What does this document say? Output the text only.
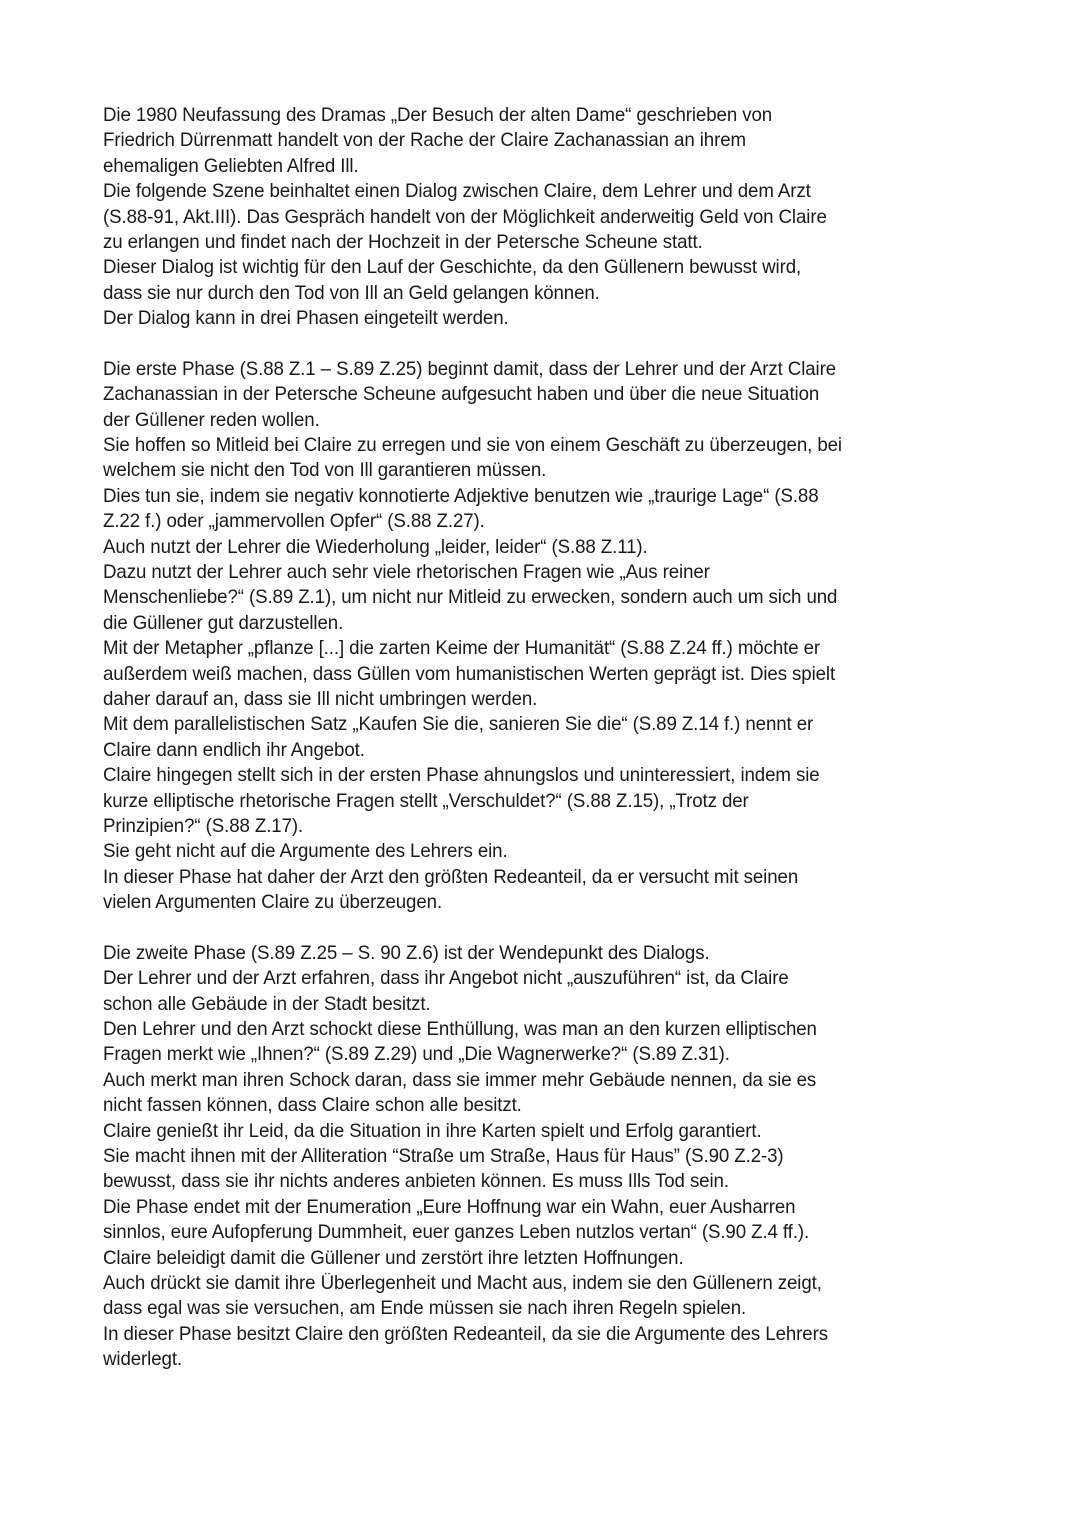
Die 1980 Neufassung des Dramas „Der Besuch der alten Dame“ geschrieben von
Friedrich Dürrenmatt handelt von der Rache der Claire Zachanassian an ihrem
ehemaligen Geliebten Alfred Ill.
Die folgende Szene beinhaltet einen Dialog zwischen Claire, dem Lehrer und dem Arzt
(S.88-91, Akt.III). Das Gespräch handelt von der Möglichkeit anderweitig Geld von Claire
zu erlangen und findet nach der Hochzeit in der Petersche Scheune statt.
Dieser Dialog ist wichtig für den Lauf der Geschichte, da den Güllenern bewusst wird,
dass sie nur durch den Tod von Ill an Geld gelangen können.
Der Dialog kann in drei Phasen eingeteilt werden.
Die erste Phase (S.88 Z.1 – S.89 Z.25) beginnt damit, dass der Lehrer und der Arzt Claire
Zachanassian in der Petersche Scheune aufgesucht haben und über die neue Situation
der Güllener reden wollen.
Sie hoffen so Mitleid bei Claire zu erregen und sie von einem Geschäft zu überzeugen, bei
welchem sie nicht den Tod von Ill garantieren müssen.
Dies tun sie, indem sie negativ konnotierte Adjektive benutzen wie „traurige Lage“ (S.88
Z.22 f.) oder „jammervollen Opfer“ (S.88 Z.27).
Auch nutzt der Lehrer die Wiederholung „leider, leider“ (S.88 Z.11).
Dazu nutzt der Lehrer auch sehr viele rhetorischen Fragen wie „Aus reiner
Menschenliebe?“ (S.89 Z.1), um nicht nur Mitleid zu erwecken, sondern auch um sich und
die Güllener gut darzustellen.
Mit der Metapher „pflanze [...] die zarten Keime der Humanität“ (S.88 Z.24 ff.) möchte er
außerdem weiß machen, dass Güllen vom humanistischen Werten geprägt ist. Dies spielt
daher darauf an, dass sie Ill nicht umbringen werden.
Mit dem parallelistischen Satz „Kaufen Sie die, sanieren Sie die“ (S.89 Z.14 f.) nennt er
Claire dann endlich ihr Angebot.
Claire hingegen stellt sich in der ersten Phase ahnungslos und uninteressiert, indem sie
kurze elliptische rhetorische Fragen stellt „Verschuldet?“ (S.88 Z.15), „Trotz der
Prinzipien?“ (S.88 Z.17).
Sie geht nicht auf die Argumente des Lehrers ein.
In dieser Phase hat daher der Arzt den größten Redeanteil, da er versucht mit seinen
vielen Argumenten Claire zu überzeugen.
Die zweite Phase (S.89 Z.25 – S. 90 Z.6) ist der Wendepunkt des Dialogs.
Der Lehrer und der Arzt erfahren, dass ihr Angebot nicht „auszuführen“ ist, da Claire
schon alle Gebäude in der Stadt besitzt.
Den Lehrer und den Arzt schockt diese Enthüllung, was man an den kurzen elliptischen
Fragen merkt wie „Ihnen?“ (S.89 Z.29) und „Die Wagnerwerke?“ (S.89 Z.31).
Auch merkt man ihren Schock daran, dass sie immer mehr Gebäude nennen, da sie es
nicht fassen können, dass Claire schon alle besitzt.
Claire genießt ihr Leid, da die Situation in ihre Karten spielt und Erfolg garantiert.
Sie macht ihnen mit der Alliteration “Straße um Straße, Haus für Haus” (S.90 Z.2-3)
bewusst, dass sie ihr nichts anderes anbieten können. Es muss Ills Tod sein.
Die Phase endet mit der Enumeration „Eure Hoffnung war ein Wahn, euer Ausharren
sinnlos, eure Aufopferung Dummheit, euer ganzes Leben nutzlos vertan“ (S.90 Z.4 ff.).
Claire beleidigt damit die Güllener und zerstört ihre letzten Hoffnungen.
Auch drückt sie damit ihre Überlegenheit und Macht aus, indem sie den Güllenern zeigt,
dass egal was sie versuchen, am Ende müssen sie nach ihren Regeln spielen.
In dieser Phase besitzt Claire den größten Redeanteil, da sie die Argumente des Lehrers
widerlegt.
